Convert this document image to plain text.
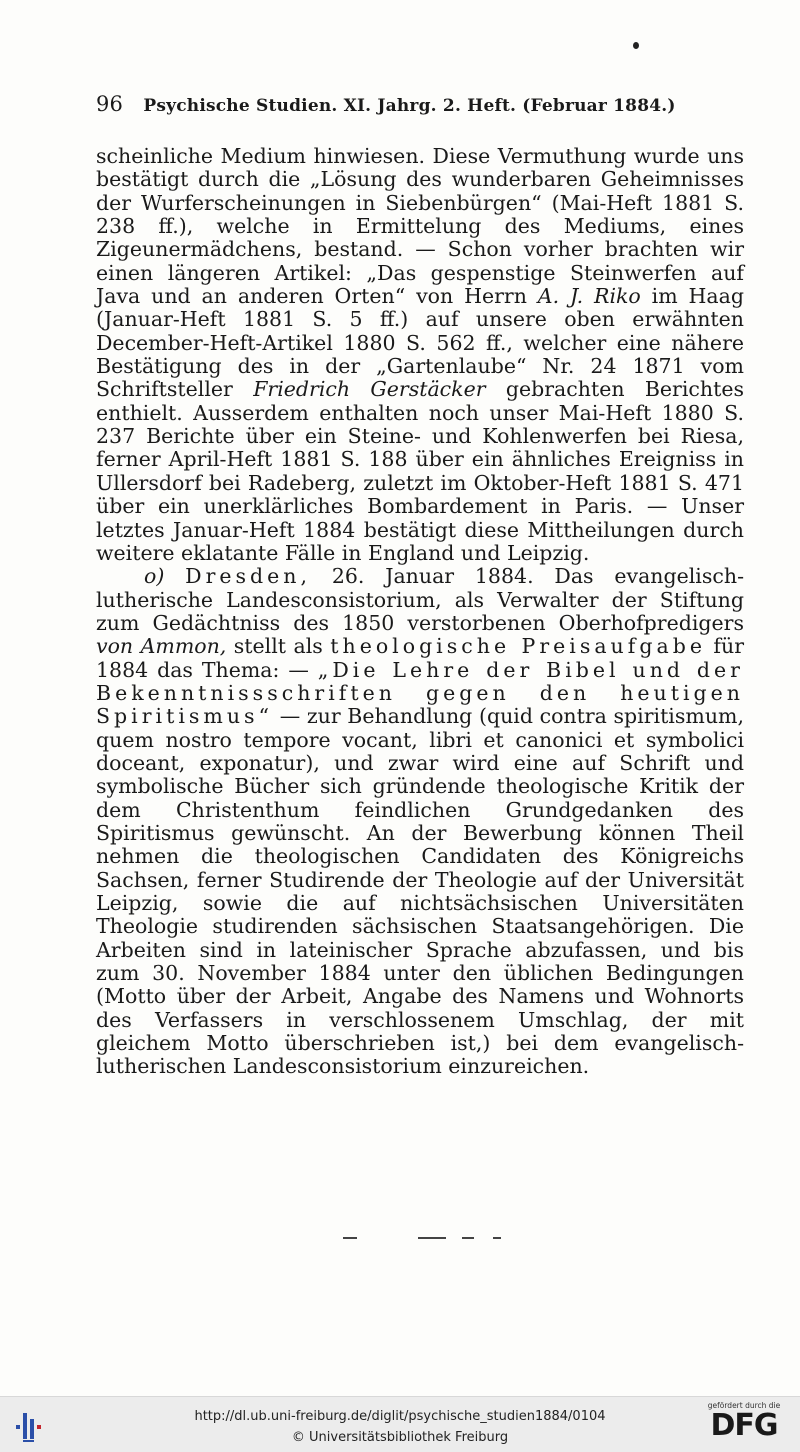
96 Psychische Studien. XI. Jahrg. 2. Heft. (Februar 1884.)

scheinliche Medium hinwiesen. Diese Vermuthung wurde uns bestätigt durch die „Lösung des wunderbaren Geheimnisses der Wurferscheinungen in Siebenbürgen“ (Mai-Heft 1881 S. 238 ff.), welche in Ermittelung des Mediums, eines Zigeunermädchens, bestand. — Schon vorher brachten wir einen längeren Artikel: „Das gespenstige Steinwerfen auf Java und an anderen Orten“ von Herrn A. J. Riko im Haag (Januar-Heft 1881 S. 5 ff.) auf unsere oben erwähnten December-Heft-Artikel 1880 S. 562 ff., welcher eine nähere Bestätigung des in der „Gartenlaube“ Nr. 24 1871 vom Schriftsteller Friedrich Gerstäcker gebrachten Berichtes enthielt. Ausserdem enthalten noch unser Mai-Heft 1880 S. 237 Berichte über ein Steine- und Kohlenwerfen bei Riesa, ferner April-Heft 1881 S. 188 über ein ähnliches Ereigniss in Ullersdorf bei Radeberg, zuletzt im Oktober-Heft 1881 S. 471 über ein unerklärliches Bombardement in Paris. — Unser letztes Januar-Heft 1884 bestätigt diese Mittheilungen durch weitere eklatante Fälle in England und Leipzig.

o) Dresden, 26. Januar 1884. Das evangelisch-lutherische Landesconsistorium, als Verwalter der Stiftung zum Gedächtniss des 1850 verstorbenen Oberhofpredigers von Ammon, stellt als theologische Preisaufgabe für 1884 das Thema: — „Die Lehre der Bibel und der Bekenntnissschriften gegen den heutigen Spiritismus“ — zur Behandlung (quid contra spiritismum, quem nostro tempore vocant, libri et canonici et symbolici doceant, exponatur), und zwar wird eine auf Schrift und symbolische Bücher sich gründende theologische Kritik der dem Christenthum feindlichen Grundgedanken des Spiritismus gewünscht. An der Bewerbung können Theil nehmen die theologischen Candidaten des Königreichs Sachsen, ferner Studirende der Theologie auf der Universität Leipzig, sowie die auf nichtsächsischen Universitäten Theologie studirenden sächsischen Staatsangehörigen. Die Arbeiten sind in lateinischer Sprache abzufassen, und bis zum 30. November 1884 unter den üblichen Bedingungen (Motto über der Arbeit, Angabe des Namens und Wohnorts des Verfassers in verschlossenem Umschlag, der mit gleichem Motto überschrieben ist,) bei dem evangelisch-lutherischen Landesconsistorium einzureichen.

http://dl.ub.uni-freiburg.de/diglit/psychische_studien1884/0104
© Universitätsbibliothek Freiburg
gefördert durch die
DFG
